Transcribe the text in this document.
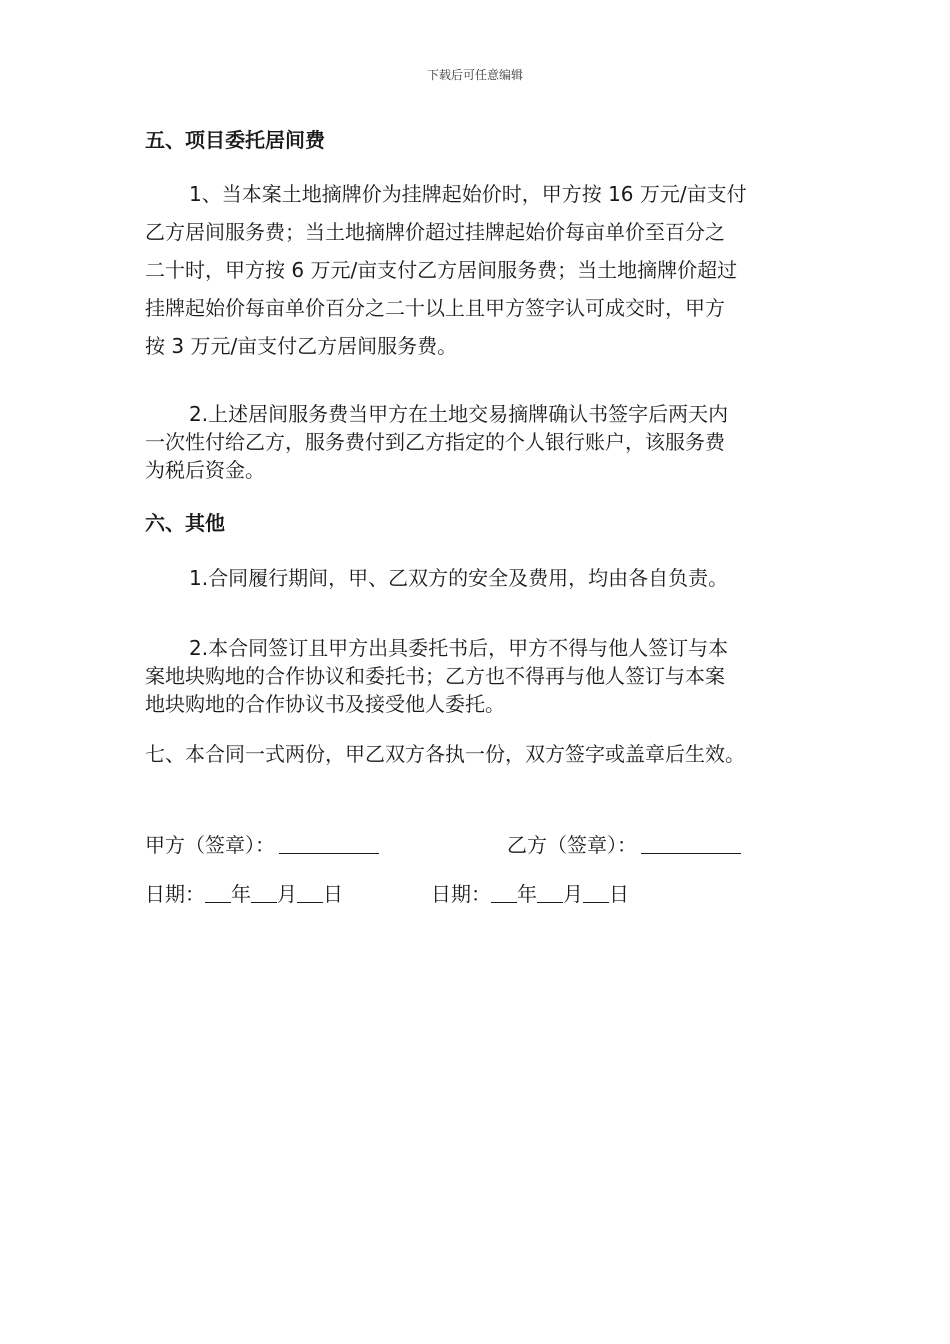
下载后可任意编辑
五、项目委托居间费
1、当本案土地摘牌价为挂牌起始价时，甲方按 16 万元/亩支付
乙方居间服务费；当土地摘牌价超过挂牌起始价每亩单价至百分之
二十时，甲方按 6 万元/亩支付乙方居间服务费；当土地摘牌价超过
挂牌起始价每亩单价百分之二十以上且甲方签字认可成交时，甲方
按 3 万元/亩支付乙方居间服务费。
2.上述居间服务费当甲方在土地交易摘牌确认书签字后两天内
一次性付给乙方，服务费付到乙方指定的个人银行账户，该服务费
为税后资金。
六、其他
1.合同履行期间，甲、乙双方的安全及费用，均由各自负责。
2.本合同签订且甲方出具委托书后，甲方不得与他人签订与本
案地块购地的合作协议和委托书；乙方也不得再与他人签订与本案
地块购地的合作协议书及接受他人委托。
七、本合同一式两份，甲乙双方各执一份，双方签字或盖章后生效。
甲方（签章）：	乙方（签章）：
日期： 年 月 日	日期： 年 月 日
